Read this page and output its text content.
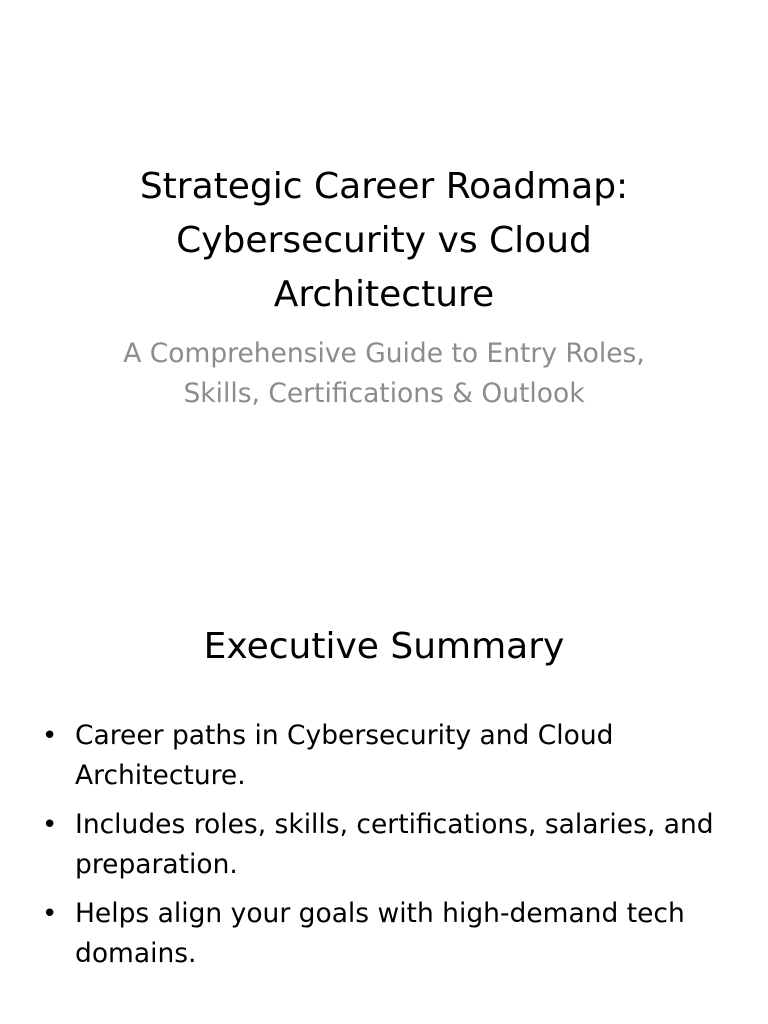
Strategic Career Roadmap: Cybersecurity vs Cloud Architecture
A Comprehensive Guide to Entry Roles, Skills, Certifications & Outlook
Executive Summary
• Career paths in Cybersecurity and Cloud Architecture.
• Includes roles, skills, certifications, salaries, and preparation.
• Helps align your goals with high-demand tech domains.
